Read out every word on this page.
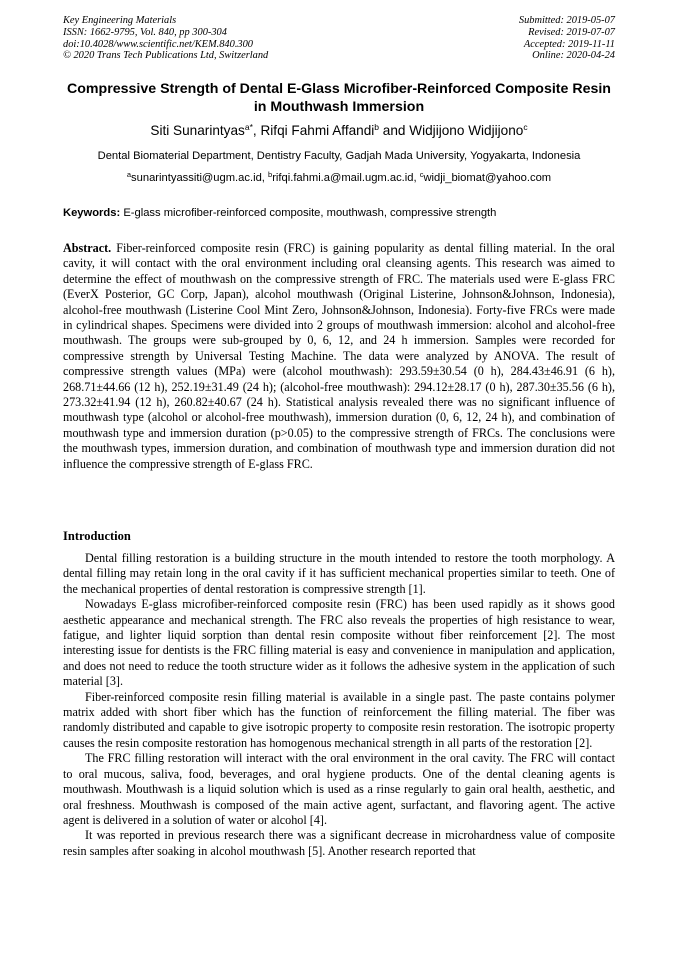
Key Engineering Materials
ISSN: 1662-9795, Vol. 840, pp 300-304
doi:10.4028/www.scientific.net/KEM.840.300
© 2020 Trans Tech Publications Ltd, Switzerland
Submitted: 2019-05-07
Revised: 2019-07-07
Accepted: 2019-11-11
Online: 2020-04-24
Compressive Strength of Dental E-Glass Microfiber-Reinforced Composite Resin in Mouthwash Immersion
Siti Sunarintyas$^{a*}$, Rifqi Fahmi Affandi$^b$ and Widjijono Widjijono$^c$
Dental Biomaterial Department, Dentistry Faculty, Gadjah Mada University, Yogyakarta, Indonesia
$^a$sunarintyassiti@ugm.ac.id, $^b$rifqi.fahmi.a@mail.ugm.ac.id, $^c$widji_biomat@yahoo.com
Keywords: E-glass microfiber-reinforced composite, mouthwash, compressive strength
Abstract. Fiber-reinforced composite resin (FRC) is gaining popularity as dental filling material. In the oral cavity, it will contact with the oral environment including oral cleansing agents. This research was aimed to determine the effect of mouthwash on the compressive strength of FRC. The materials used were E-glass FRC (EverX Posterior, GC Corp, Japan), alcohol mouthwash (Original Listerine, Johnson&Johnson, Indonesia), alcohol-free mouthwash (Listerine Cool Mint Zero, Johnson&Johnson, Indonesia). Forty-five FRCs were made in cylindrical shapes. Specimens were divided into 2 groups of mouthwash immersion: alcohol and alcohol-free mouthwash. The groups were sub-grouped by 0, 6, 12, and 24 h immersion. Samples were recorded for compressive strength by Universal Testing Machine. The data were analyzed by ANOVA. The result of compressive strength values (MPa) were (alcohol mouthwash): 293.59±30.54 (0 h), 284.43±46.91 (6 h), 268.71±44.66 (12 h), 252.19±31.49 (24 h); (alcohol-free mouthwash): 294.12±28.17 (0 h), 287.30±35.56 (6 h), 273.32±41.94 (12 h), 260.82±40.67 (24 h). Statistical analysis revealed there was no significant influence of mouthwash type (alcohol or alcohol-free mouthwash), immersion duration (0, 6, 12, 24 h), and combination of mouthwash type and immersion duration (p>0.05) to the compressive strength of FRCs. The conclusions were the mouthwash types, immersion duration, and combination of mouthwash type and immersion duration did not influence the compressive strength of E-glass FRC.
Introduction

Dental filling restoration is a building structure in the mouth intended to restore the tooth morphology. A dental filling may retain long in the oral cavity if it has sufficient mechanical properties similar to teeth. One of the mechanical properties of dental restoration is compressive strength [1].

Nowadays E-glass microfiber-reinforced composite resin (FRC) has been used rapidly as it shows good aesthetic appearance and mechanical strength. The FRC also reveals the properties of high resistance to wear, fatigue, and lighter liquid sorption than dental resin composite without fiber reinforcement [2]. The most interesting issue for dentists is the FRC filling material is easy and convenience in manipulation and application, and does not need to reduce the tooth structure wider as it follows the adhesive system in the application of such material [3].

Fiber-reinforced composite resin filling material is available in a single past. The paste contains polymer matrix added with short fiber which has the function of reinforcement the filling material. The fiber was randomly distributed and capable to give isotropic property to composite resin restoration. The isotropic property causes the resin composite restoration has homogenous mechanical strength in all parts of the restoration [2].

The FRC filling restoration will interact with the oral environment in the oral cavity. The FRC will contact to oral mucous, saliva, food, beverages, and oral hygiene products. One of the dental cleaning agents is mouthwash. Mouthwash is a liquid solution which is used as a rinse regularly to gain oral health, aesthetic, and oral freshness. Mouthwash is composed of the main active agent, surfactant, and flavoring agent. The active agent is delivered in a solution of water or alcohol [4].

It was reported in previous research there was a significant decrease in microhardness value of composite resin samples after soaking in alcohol mouthwash [5]. Another research reported that
